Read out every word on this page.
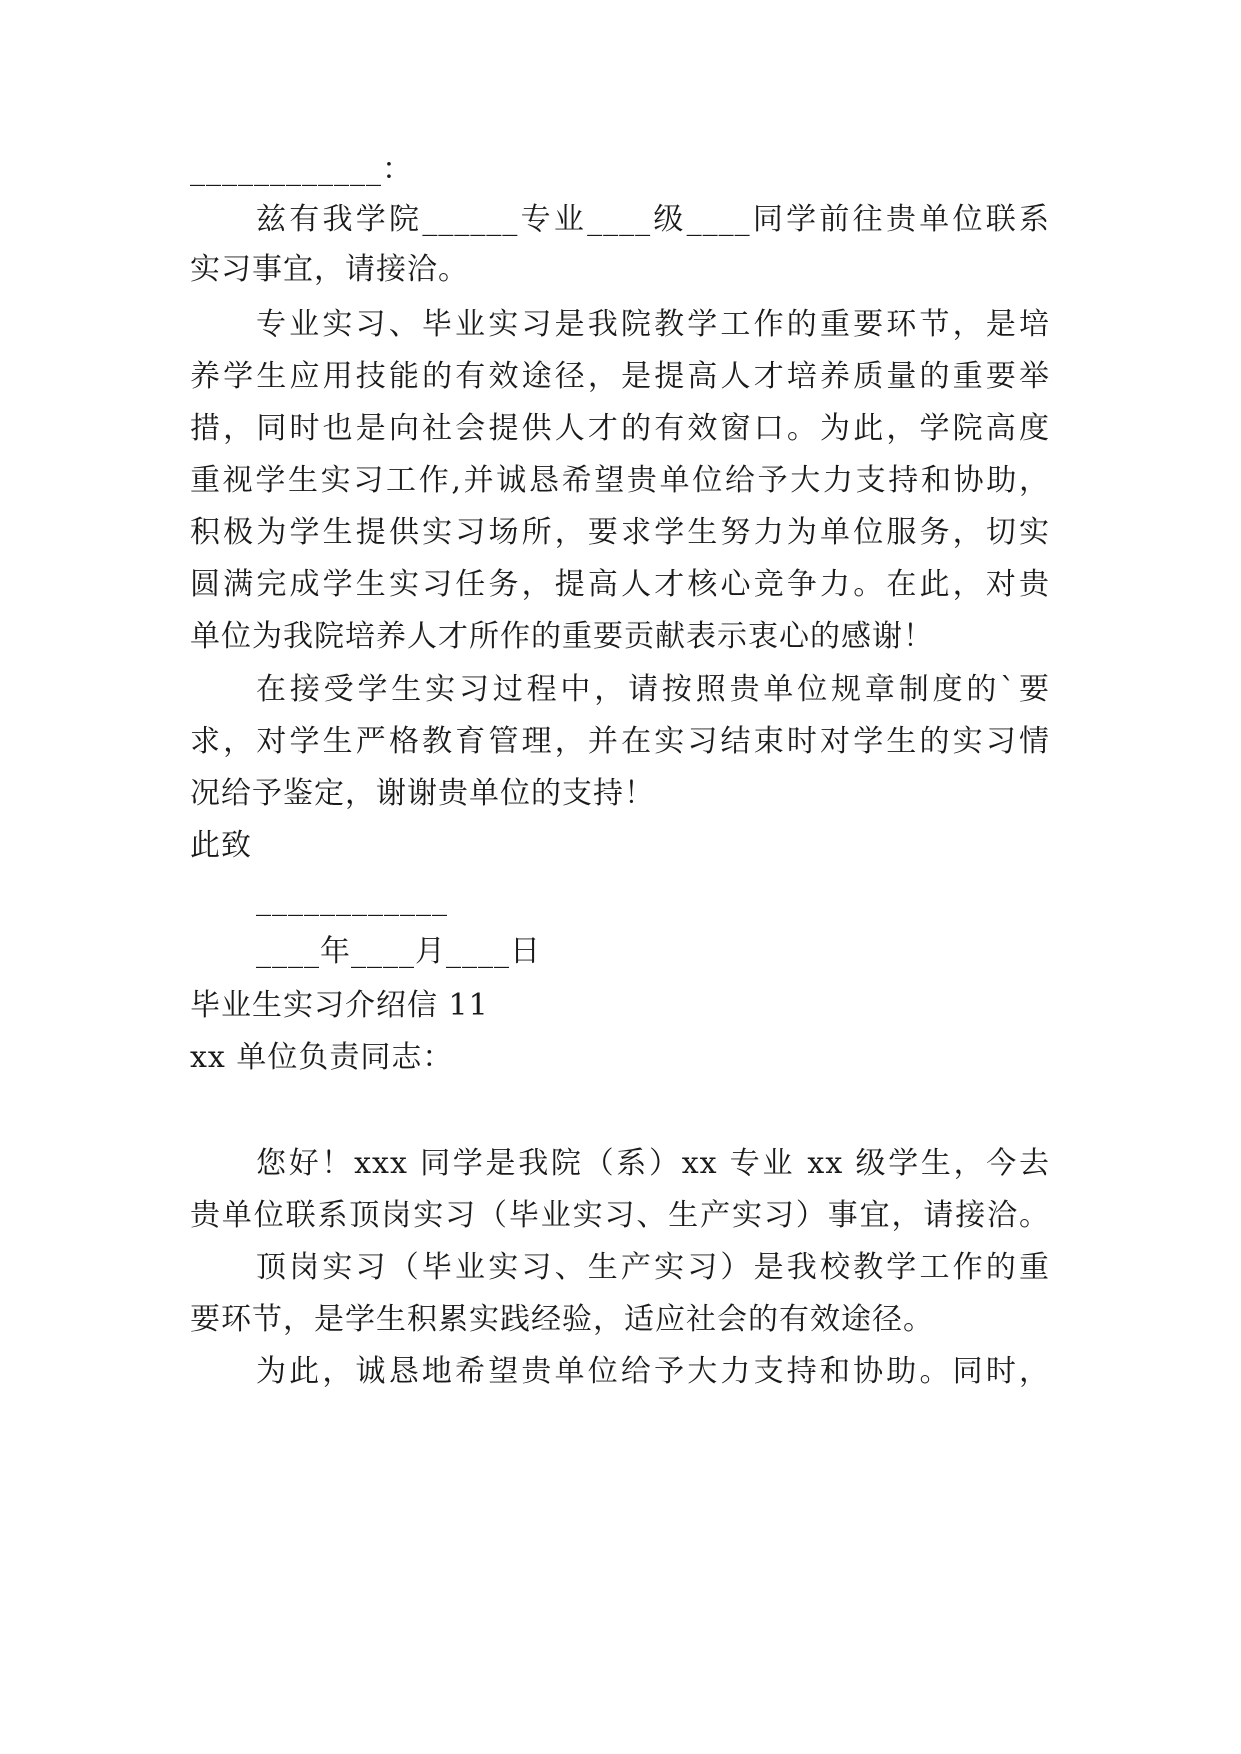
____________：
兹有我学院______专业____级____同学前往贵单位联系
实习事宜，请接洽。
专业实习、毕业实习是我院教学工作的重要环节，是培
养学生应用技能的有效途径，是提高人才培养质量的重要举
措，同时也是向社会提供人才的有效窗口。为此，学院高度
重视学生实习工作,并诚恳希望贵单位给予大力支持和协助，
积极为学生提供实习场所，要求学生努力为单位服务，切实
圆满完成学生实习任务，提高人才核心竞争力。在此，对贵
单位为我院培养人才所作的重要贡献表示衷心的感谢！
在接受学生实习过程中，请按照贵单位规章制度的`要
求，对学生严格教育管理，并在实习结束时对学生的实习情
况给予鉴定，谢谢贵单位的支持！
此致
____________
____年____月____日
毕业生实习介绍信 11
xx 单位负责同志：
您好！xxx 同学是我院（系）xx 专业 xx 级学生，今去
贵单位联系顶岗实习（毕业实习、生产实习）事宜，请接洽。
顶岗实习（毕业实习、生产实习）是我校教学工作的重
要环节，是学生积累实践经验，适应社会的有效途径。
为此，诚恳地希望贵单位给予大力支持和协助。同时，
